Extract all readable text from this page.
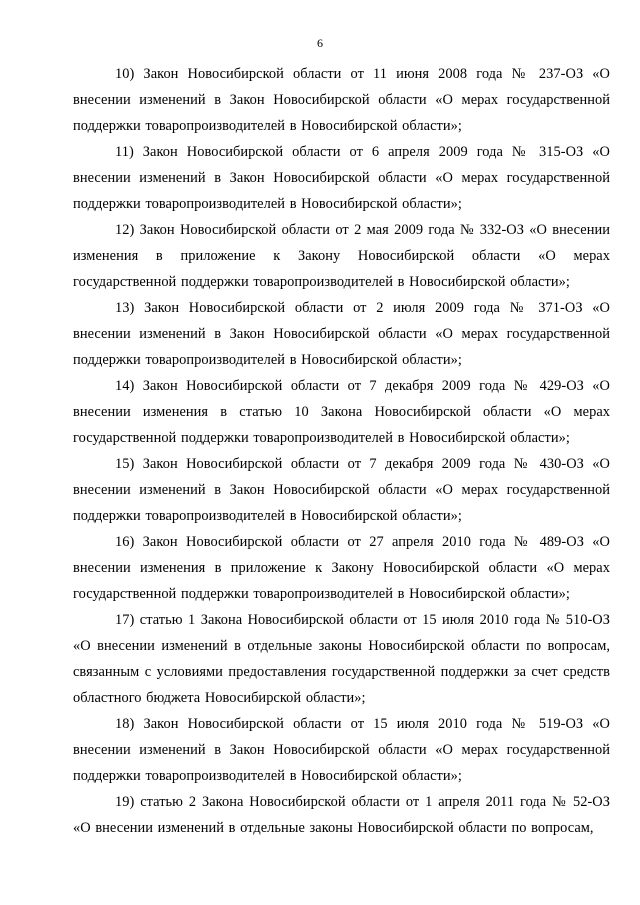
6

10) Закон Новосибирской области от 11 июня 2008 года № 237-ОЗ «О внесении изменений в Закон Новосибирской области «О мерах государственной поддержки товаропроизводителей в Новосибирской области»;

11) Закон Новосибирской области от 6 апреля 2009 года № 315-ОЗ «О внесении изменений в Закон Новосибирской области «О мерах государственной поддержки товаропроизводителей в Новосибирской области»;

12) Закон Новосибирской области от 2 мая 2009 года № 332-ОЗ «О внесении изменения в приложение к Закону Новосибирской области «О мерах государственной поддержки товаропроизводителей в Новосибирской области»;

13) Закон Новосибирской области от 2 июля 2009 года № 371-ОЗ «О внесении изменений в Закон Новосибирской области «О мерах государственной поддержки товаропроизводителей в Новосибирской области»;

14) Закон Новосибирской области от 7 декабря 2009 года № 429-ОЗ «О внесении изменения в статью 10 Закона Новосибирской области «О мерах государственной поддержки товаропроизводителей в Новосибирской области»;

15) Закон Новосибирской области от 7 декабря 2009 года № 430-ОЗ «О внесении изменений в Закон Новосибирской области «О мерах государственной поддержки товаропроизводителей в Новосибирской области»;

16) Закон Новосибирской области от 27 апреля 2010 года № 489-ОЗ «О внесении изменения в приложение к Закону Новосибирской области «О мерах государственной поддержки товаропроизводителей в Новосибирской области»;

17) статью 1 Закона Новосибирской области от 15 июля 2010 года № 510-ОЗ «О внесении изменений в отдельные законы Новосибирской области по вопросам, связанным с условиями предоставления государственной поддержки за счет средств областного бюджета Новосибирской области»;

18) Закон Новосибирской области от 15 июля 2010 года № 519-ОЗ «О внесении изменений в Закон Новосибирской области «О мерах государственной поддержки товаропроизводителей в Новосибирской области»;

19) статью 2 Закона Новосибирской области от 1 апреля 2011 года № 52-ОЗ «О внесении изменений в отдельные законы Новосибирской области по вопросам,
